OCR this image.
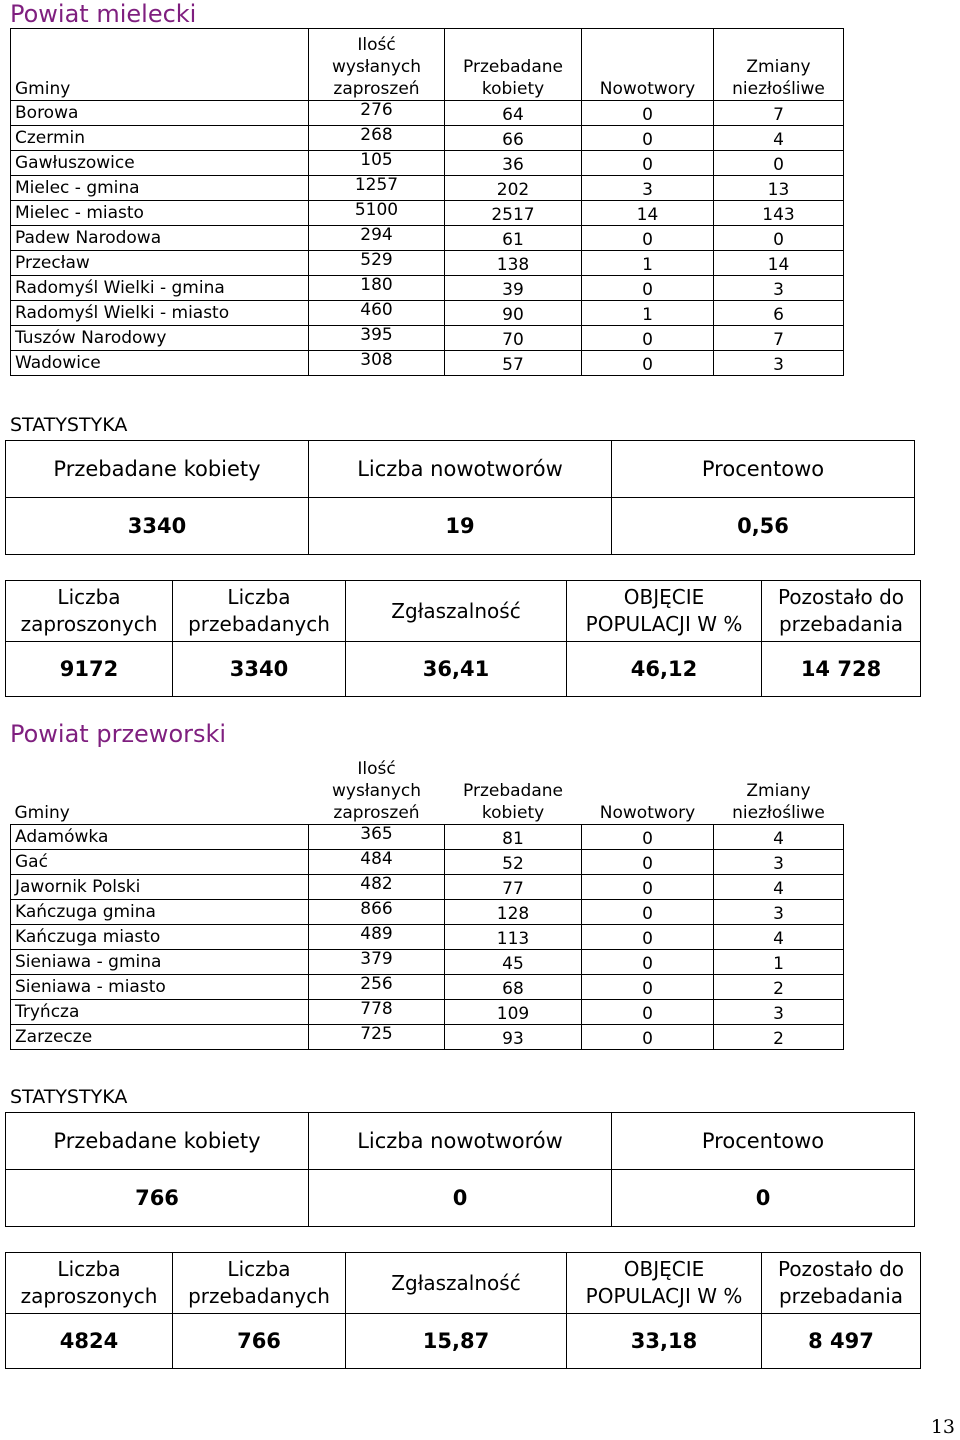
Powiat mielecki
Gminy	Ilość wysłanych zaproszeń	Przebadane kobiety	Nowotwory	Zmiany niezłośliwe
Borowa	276	64	0	7
Czermin	268	66	0	4
Gawłuszowice	105	36	0	0
Mielec - gmina	1257	202	3	13
Mielec - miasto	5100	2517	14	143
Padew Narodowa	294	61	0	0
Przecław	529	138	1	14
Radomyśl Wielki - gmina	180	39	0	3
Radomyśl Wielki - miasto	460	90	1	6
Tuszów Narodowy	395	70	0	7
Wadowice	308	57	0	3
STATYSTYKA
Przebadane kobiety	Liczba nowotworów	Procentowo
3340	19	0,56
Liczba zaproszonych	Liczba przebadanych	Zgłaszalność	OBJĘCIE POPULACJI W %	Pozostało do przebadania
9172	3340	36,41	46,12	14 728
Powiat przeworski
Gminy	Ilość wysłanych zaproszeń	Przebadane kobiety	Nowotwory	Zmiany niezłośliwe
Adamówka	365	81	0	4
Gać	484	52	0	3
Jawornik Polski	482	77	0	4
Kańczuga gmina	866	128	0	3
Kańczuga miasto	489	113	0	4
Sieniawa - gmina	379	45	0	1
Sieniawa - miasto	256	68	0	2
Tryńcza	778	109	0	3
Zarzecze	725	93	0	2
STATYSTYKA
Przebadane kobiety	Liczba nowotworów	Procentowo
766	0	0
Liczba zaproszonych	Liczba przebadanych	Zgłaszalność	OBJĘCIE POPULACJI W %	Pozostało do przebadania
4824	766	15,87	33,18	8 497
13
